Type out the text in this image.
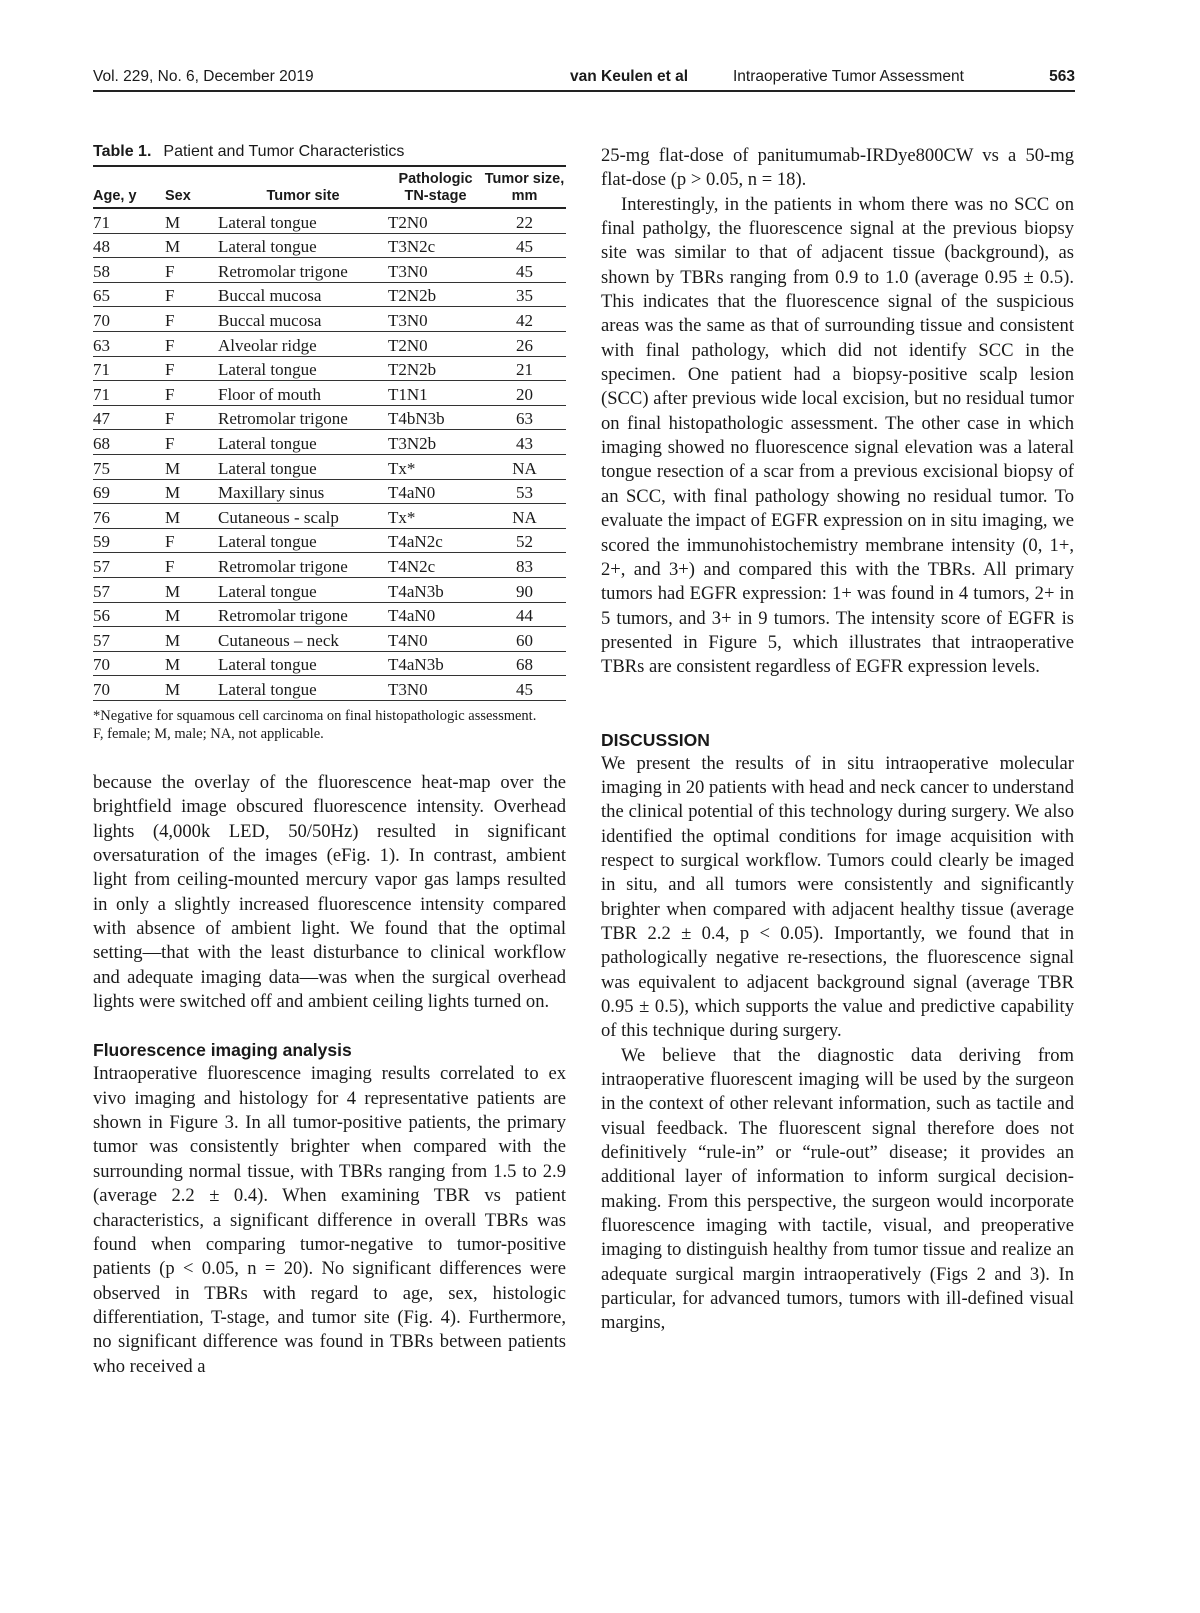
Vol. 229, No. 6, December 2019	van Keulen et al	Intraoperative Tumor Assessment	563
Table 1. Patient and Tumor Characteristics
Age, y	Sex	Tumor site	Pathologic TN-stage	Tumor size, mm
71	M	Lateral tongue	T2N0	22
48	M	Lateral tongue	T3N2c	45
58	F	Retromolar trigone	T3N0	45
65	F	Buccal mucosa	T2N2b	35
70	F	Buccal mucosa	T3N0	42
63	F	Alveolar ridge	T2N0	26
71	F	Lateral tongue	T2N2b	21
71	F	Floor of mouth	T1N1	20
47	F	Retromolar trigone	T4bN3b	63
68	F	Lateral tongue	T3N2b	43
75	M	Lateral tongue	Tx*	NA
69	M	Maxillary sinus	T4aN0	53
76	M	Cutaneous - scalp	Tx*	NA
59	F	Lateral tongue	T4aN2c	52
57	F	Retromolar trigone	T4N2c	83
57	M	Lateral tongue	T4aN3b	90
56	M	Retromolar trigone	T4aN0	44
57	M	Cutaneous – neck	T4N0	60
70	M	Lateral tongue	T4aN3b	68
70	M	Lateral tongue	T3N0	45
*Negative for squamous cell carcinoma on final histopathologic assessment.
F, female; M, male; NA, not applicable.

because the overlay of the fluorescence heat-map over the brightfield image obscured fluorescence intensity. Overhead lights (4,000k LED, 50/50Hz) resulted in significant oversaturation of the images (eFig. 1). In contrast, ambient light from ceiling-mounted mercury vapor gas lamps resulted in only a slightly increased fluorescence intensity compared with absence of ambient light. We found that the optimal setting—that with the least disturbance to clinical workflow and adequate imaging data—was when the surgical overhead lights were switched off and ambient ceiling lights turned on.

Fluorescence imaging analysis

Intraoperative fluorescence imaging results correlated to ex vivo imaging and histology for 4 representative patients are shown in Figure 3. In all tumor-positive patients, the primary tumor was consistently brighter when compared with the surrounding normal tissue, with TBRs ranging from 1.5 to 2.9 (average 2.2 ± 0.4). When examining TBR vs patient characteristics, a significant difference in overall TBRs was found when comparing tumor-negative to tumor-positive patients (p < 0.05, n = 20). No significant differences were observed in TBRs with regard to age, sex, histologic differentiation, T-stage, and tumor site (Fig. 4). Furthermore, no significant difference was found in TBRs between patients who received a

25-mg flat-dose of panitumumab-IRDye800CW vs a 50-mg flat-dose (p > 0.05, n = 18).

Interestingly, in the patients in whom there was no SCC on final patholgy, the fluorescence signal at the previous biopsy site was similar to that of adjacent tissue (background), as shown by TBRs ranging from 0.9 to 1.0 (average 0.95 ± 0.5). This indicates that the fluorescence signal of the suspicious areas was the same as that of surrounding tissue and consistent with final pathology, which did not identify SCC in the specimen. One patient had a biopsy-positive scalp lesion (SCC) after previous wide local excision, but no residual tumor on final histopathologic assessment. The other case in which imaging showed no fluorescence signal elevation was a lateral tongue resection of a scar from a previous excisional biopsy of an SCC, with final pathology showing no residual tumor. To evaluate the impact of EGFR expression on in situ imaging, we scored the immunohistochemistry membrane intensity (0, 1+, 2+, and 3+) and compared this with the TBRs. All primary tumors had EGFR expression: 1+ was found in 4 tumors, 2+ in 5 tumors, and 3+ in 9 tumors. The intensity score of EGFR is presented in Figure 5, which illustrates that intraoperative TBRs are consistent regardless of EGFR expression levels.

DISCUSSION

We present the results of in situ intraoperative molecular imaging in 20 patients with head and neck cancer to understand the clinical potential of this technology during surgery. We also identified the optimal conditions for image acquisition with respect to surgical workflow. Tumors could clearly be imaged in situ, and all tumors were consistently and significantly brighter when compared with adjacent healthy tissue (average TBR 2.2 ± 0.4, p < 0.05). Importantly, we found that in pathologically negative re-resections, the fluorescence signal was equivalent to adjacent background signal (average TBR 0.95 ± 0.5), which supports the value and predictive capability of this technique during surgery.

We believe that the diagnostic data deriving from intraoperative fluorescent imaging will be used by the surgeon in the context of other relevant information, such as tactile and visual feedback. The fluorescent signal therefore does not definitively “rule-in” or “rule-out” disease; it provides an additional layer of information to inform surgical decision-making. From this perspective, the surgeon would incorporate fluorescence imaging with tactile, visual, and preoperative imaging to distinguish healthy from tumor tissue and realize an adequate surgical margin intraoperatively (Figs 2 and 3). In particular, for advanced tumors, tumors with ill-defined visual margins,
